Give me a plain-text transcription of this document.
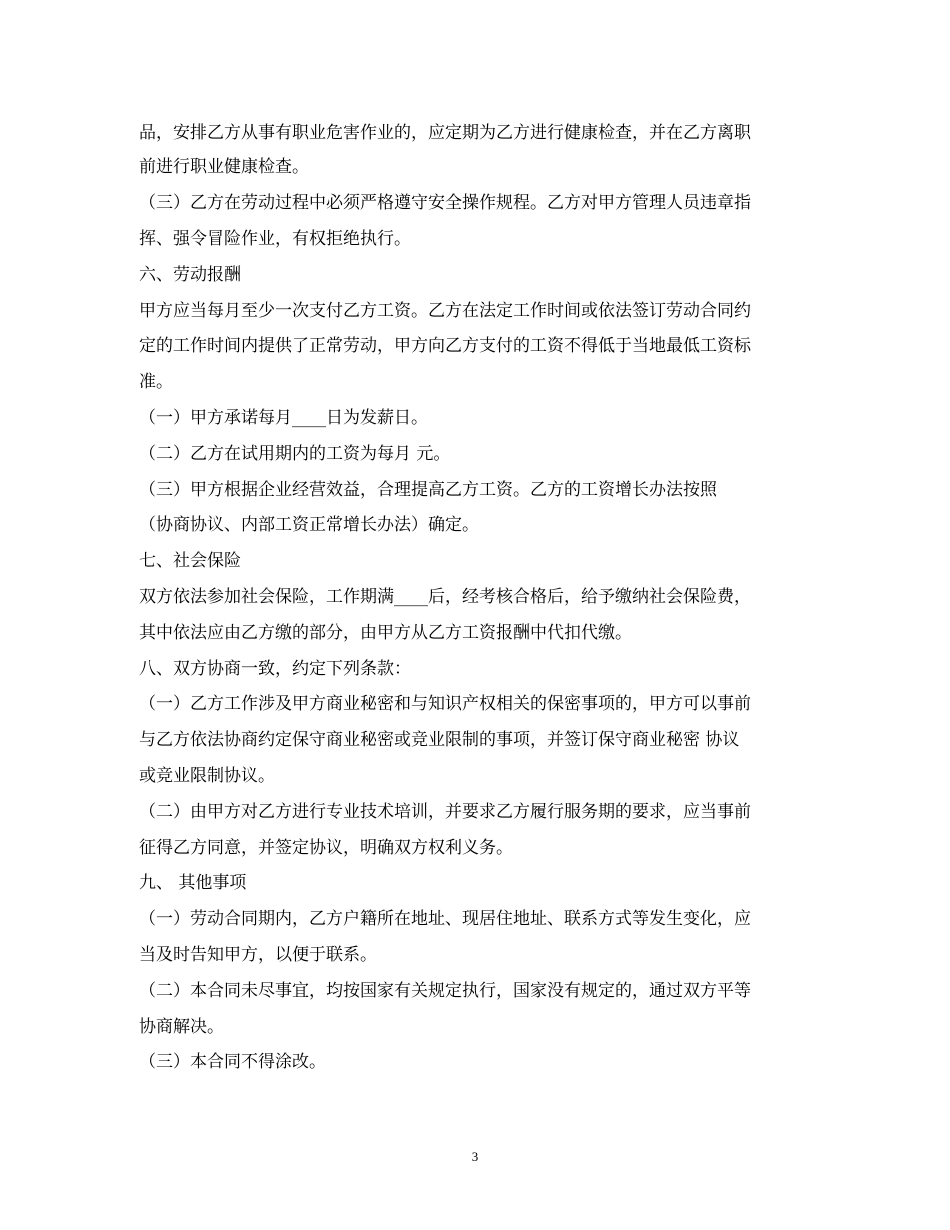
品，安排乙方从事有职业危害作业的，应定期为乙方进行健康检查，并在乙方离职
前进行职业健康检查。
（三）乙方在劳动过程中必须严格遵守安全操作规程。乙方对甲方管理人员违章指
挥、强令冒险作业，有权拒绝执行。
六、劳动报酬
甲方应当每月至少一次支付乙方工资。乙方在法定工作时间或依法签订劳动合同约
定的工作时间内提供了正常劳动，甲方向乙方支付的工资不得低于当地最低工资标
准。
（一）甲方承诺每月____日为发薪日。
（二）乙方在试用期内的工资为每月 元。
（三）甲方根据企业经营效益，合理提高乙方工资。乙方的工资增长办法按照
（协商协议、内部工资正常增长办法）确定。
七、社会保险
双方依法参加社会保险，工作期满____后，经考核合格后，给予缴纳社会保险费，
其中依法应由乙方缴的部分，由甲方从乙方工资报酬中代扣代缴。
八、双方协商一致，约定下列条款：
（一）乙方工作涉及甲方商业秘密和与知识产权相关的保密事项的，甲方可以事前
与乙方依法协商约定保守商业秘密或竞业限制的事项，并签订保守商业秘密 协议
或竞业限制协议。
（二）由甲方对乙方进行专业技术培训，并要求乙方履行服务期的要求，应当事前
征得乙方同意，并签定协议，明确双方权利义务。
九、 其他事项
（一）劳动合同期内，乙方户籍所在地址、现居住地址、联系方式等发生变化，应
当及时告知甲方，以便于联系。
（二）本合同未尽事宜，均按国家有关规定执行，国家没有规定的，通过双方平等
协商解决。
（三）本合同不得涂改。
3
